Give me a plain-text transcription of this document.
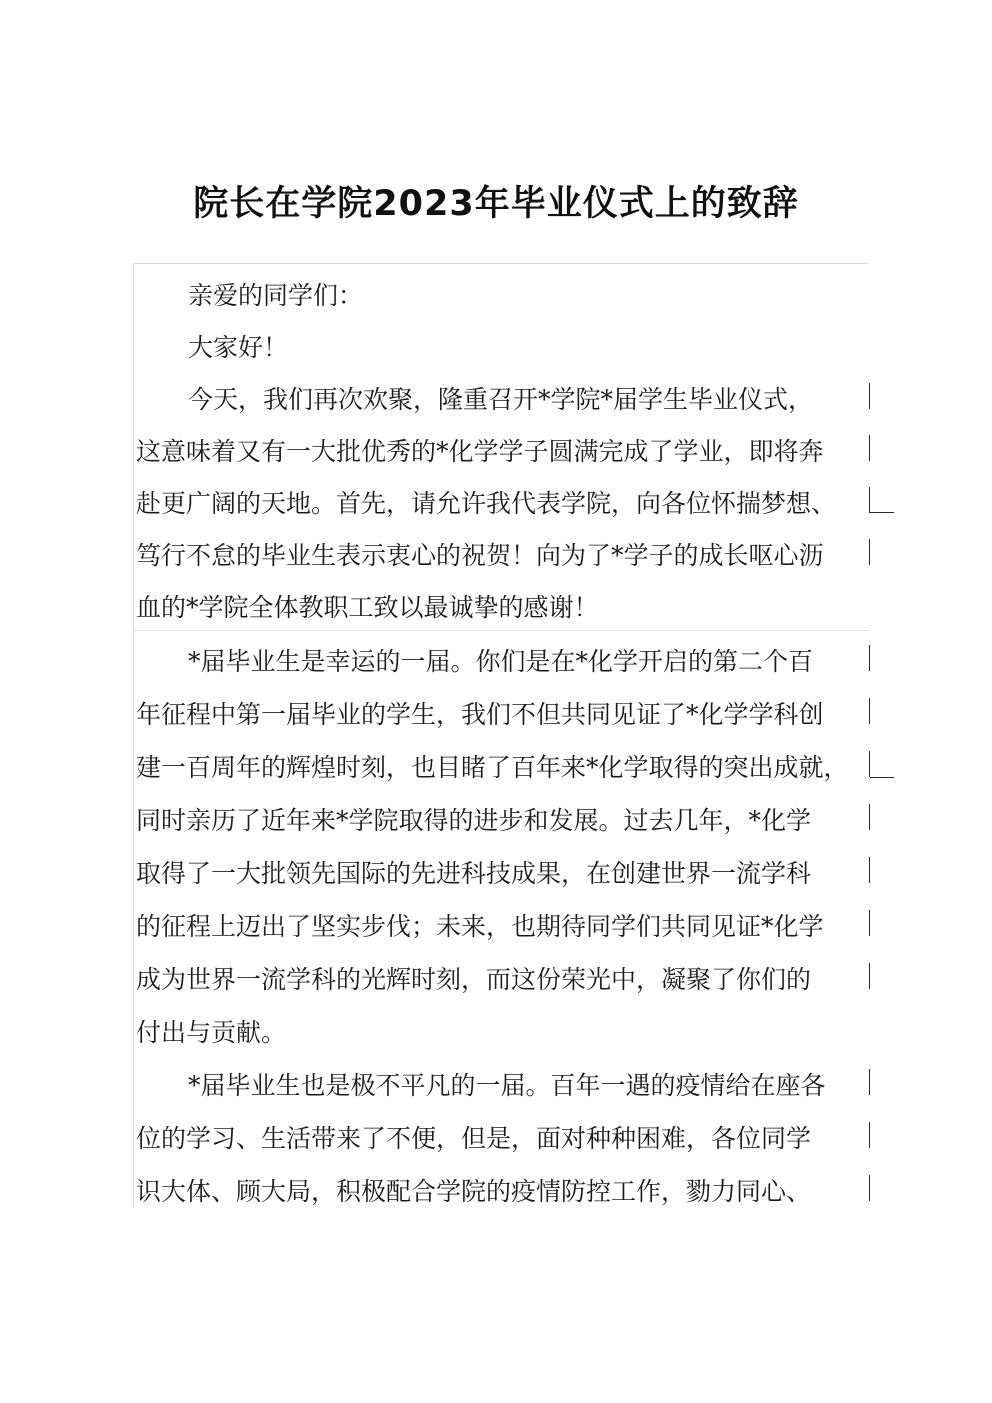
院长在学院2023年毕业仪式上的致辞
亲爱的同学们：
大家好！
今天，我们再次欢聚，隆重召开*学院*届学生毕业仪式，
这意味着又有一大批优秀的*化学学子圆满完成了学业，即将奔
赴更广阔的天地。首先，请允许我代表学院，向各位怀揣梦想、
笃行不怠的毕业生表示衷心的祝贺！向为了*学子的成长呕心沥
血的*学院全体教职工致以最诚挚的感谢！
*届毕业生是幸运的一届。你们是在*化学开启的第二个百
年征程中第一届毕业的学生，我们不但共同见证了*化学学科创
建一百周年的辉煌时刻，也目睹了百年来*化学取得的突出成就，
同时亲历了近年来*学院取得的进步和发展。过去几年，*化学
取得了一大批领先国际的先进科技成果，在创建世界一流学科
的征程上迈出了坚实步伐；未来，也期待同学们共同见证*化学
成为世界一流学科的光辉时刻，而这份荣光中，凝聚了你们的
付出与贡献。
*届毕业生也是极不平凡的一届。百年一遇的疫情给在座各
位的学习、生活带来了不便，但是，面对种种困难，各位同学
识大体、顾大局，积极配合学院的疫情防控工作，勠力同心、
